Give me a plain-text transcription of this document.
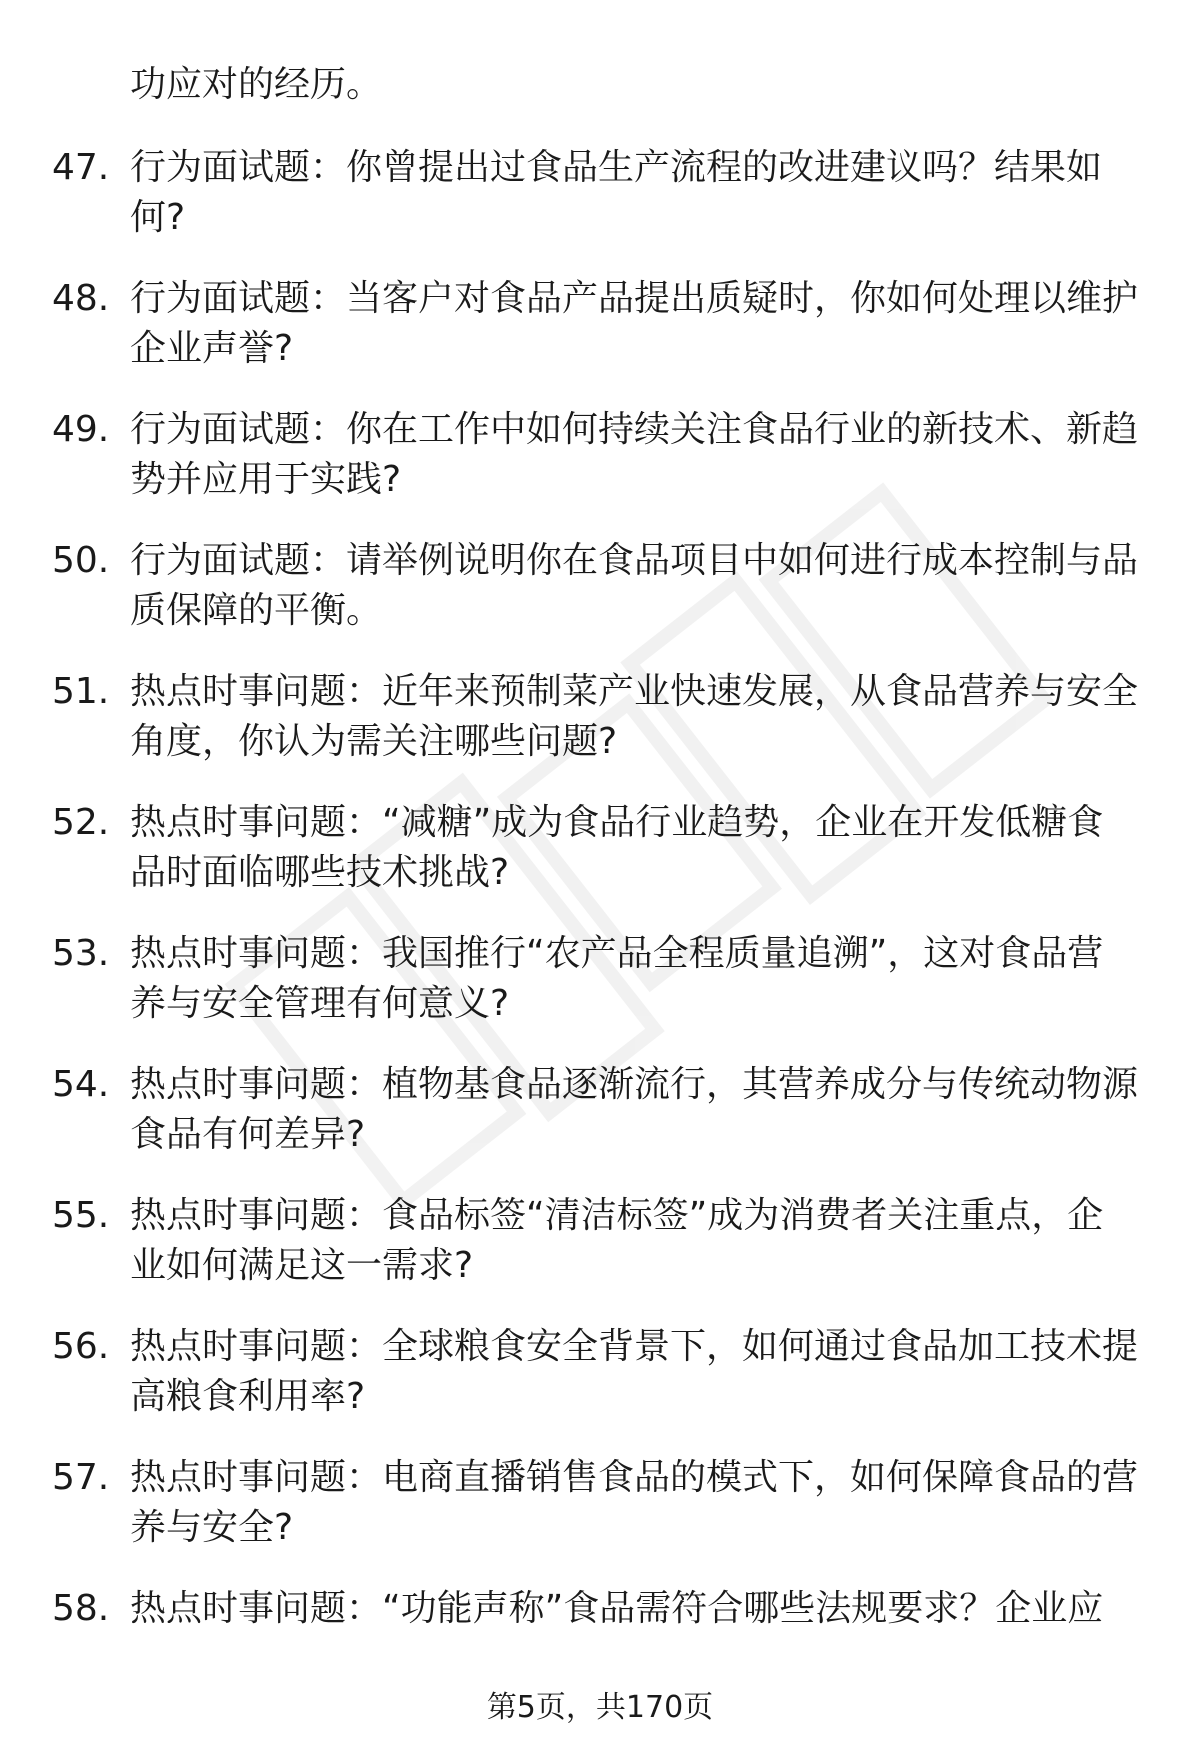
功应对的经历。

47. 行为面试题：你曾提出过食品生产流程的改进建议吗？结果如
何?

48. 行为面试题：当客户对食品产品提出质疑时，你如何处理以维护
企业声誉?

49. 行为面试题：你在工作中如何持续关注食品行业的新技术、新趋
势并应用于实践?

50. 行为面试题：请举例说明你在食品项目中如何进行成本控制与品
质保障的平衡。

51. 热点时事问题：近年来预制菜产业快速发展，从食品营养与安全
角度，你认为需关注哪些问题?

52. 热点时事问题：“减糖”成为食品行业趋势，企业在开发低糖食
品时面临哪些技术挑战?

53. 热点时事问题：我国推行“农产品全程质量追溯”，这对食品营
养与安全管理有何意义?

54. 热点时事问题：植物基食品逐渐流行，其营养成分与传统动物源
食品有何差异?

55. 热点时事问题：食品标签“清洁标签”成为消费者关注重点，企
业如何满足这一需求?

56. 热点时事问题：全球粮食安全背景下，如何通过食品加工技术提
高粮食利用率?

57. 热点时事问题：电商直播销售食品的模式下，如何保障食品的营
养与安全?

58. 热点时事问题：“功能声称”食品需符合哪些法规要求？企业应

第5页，共170页
